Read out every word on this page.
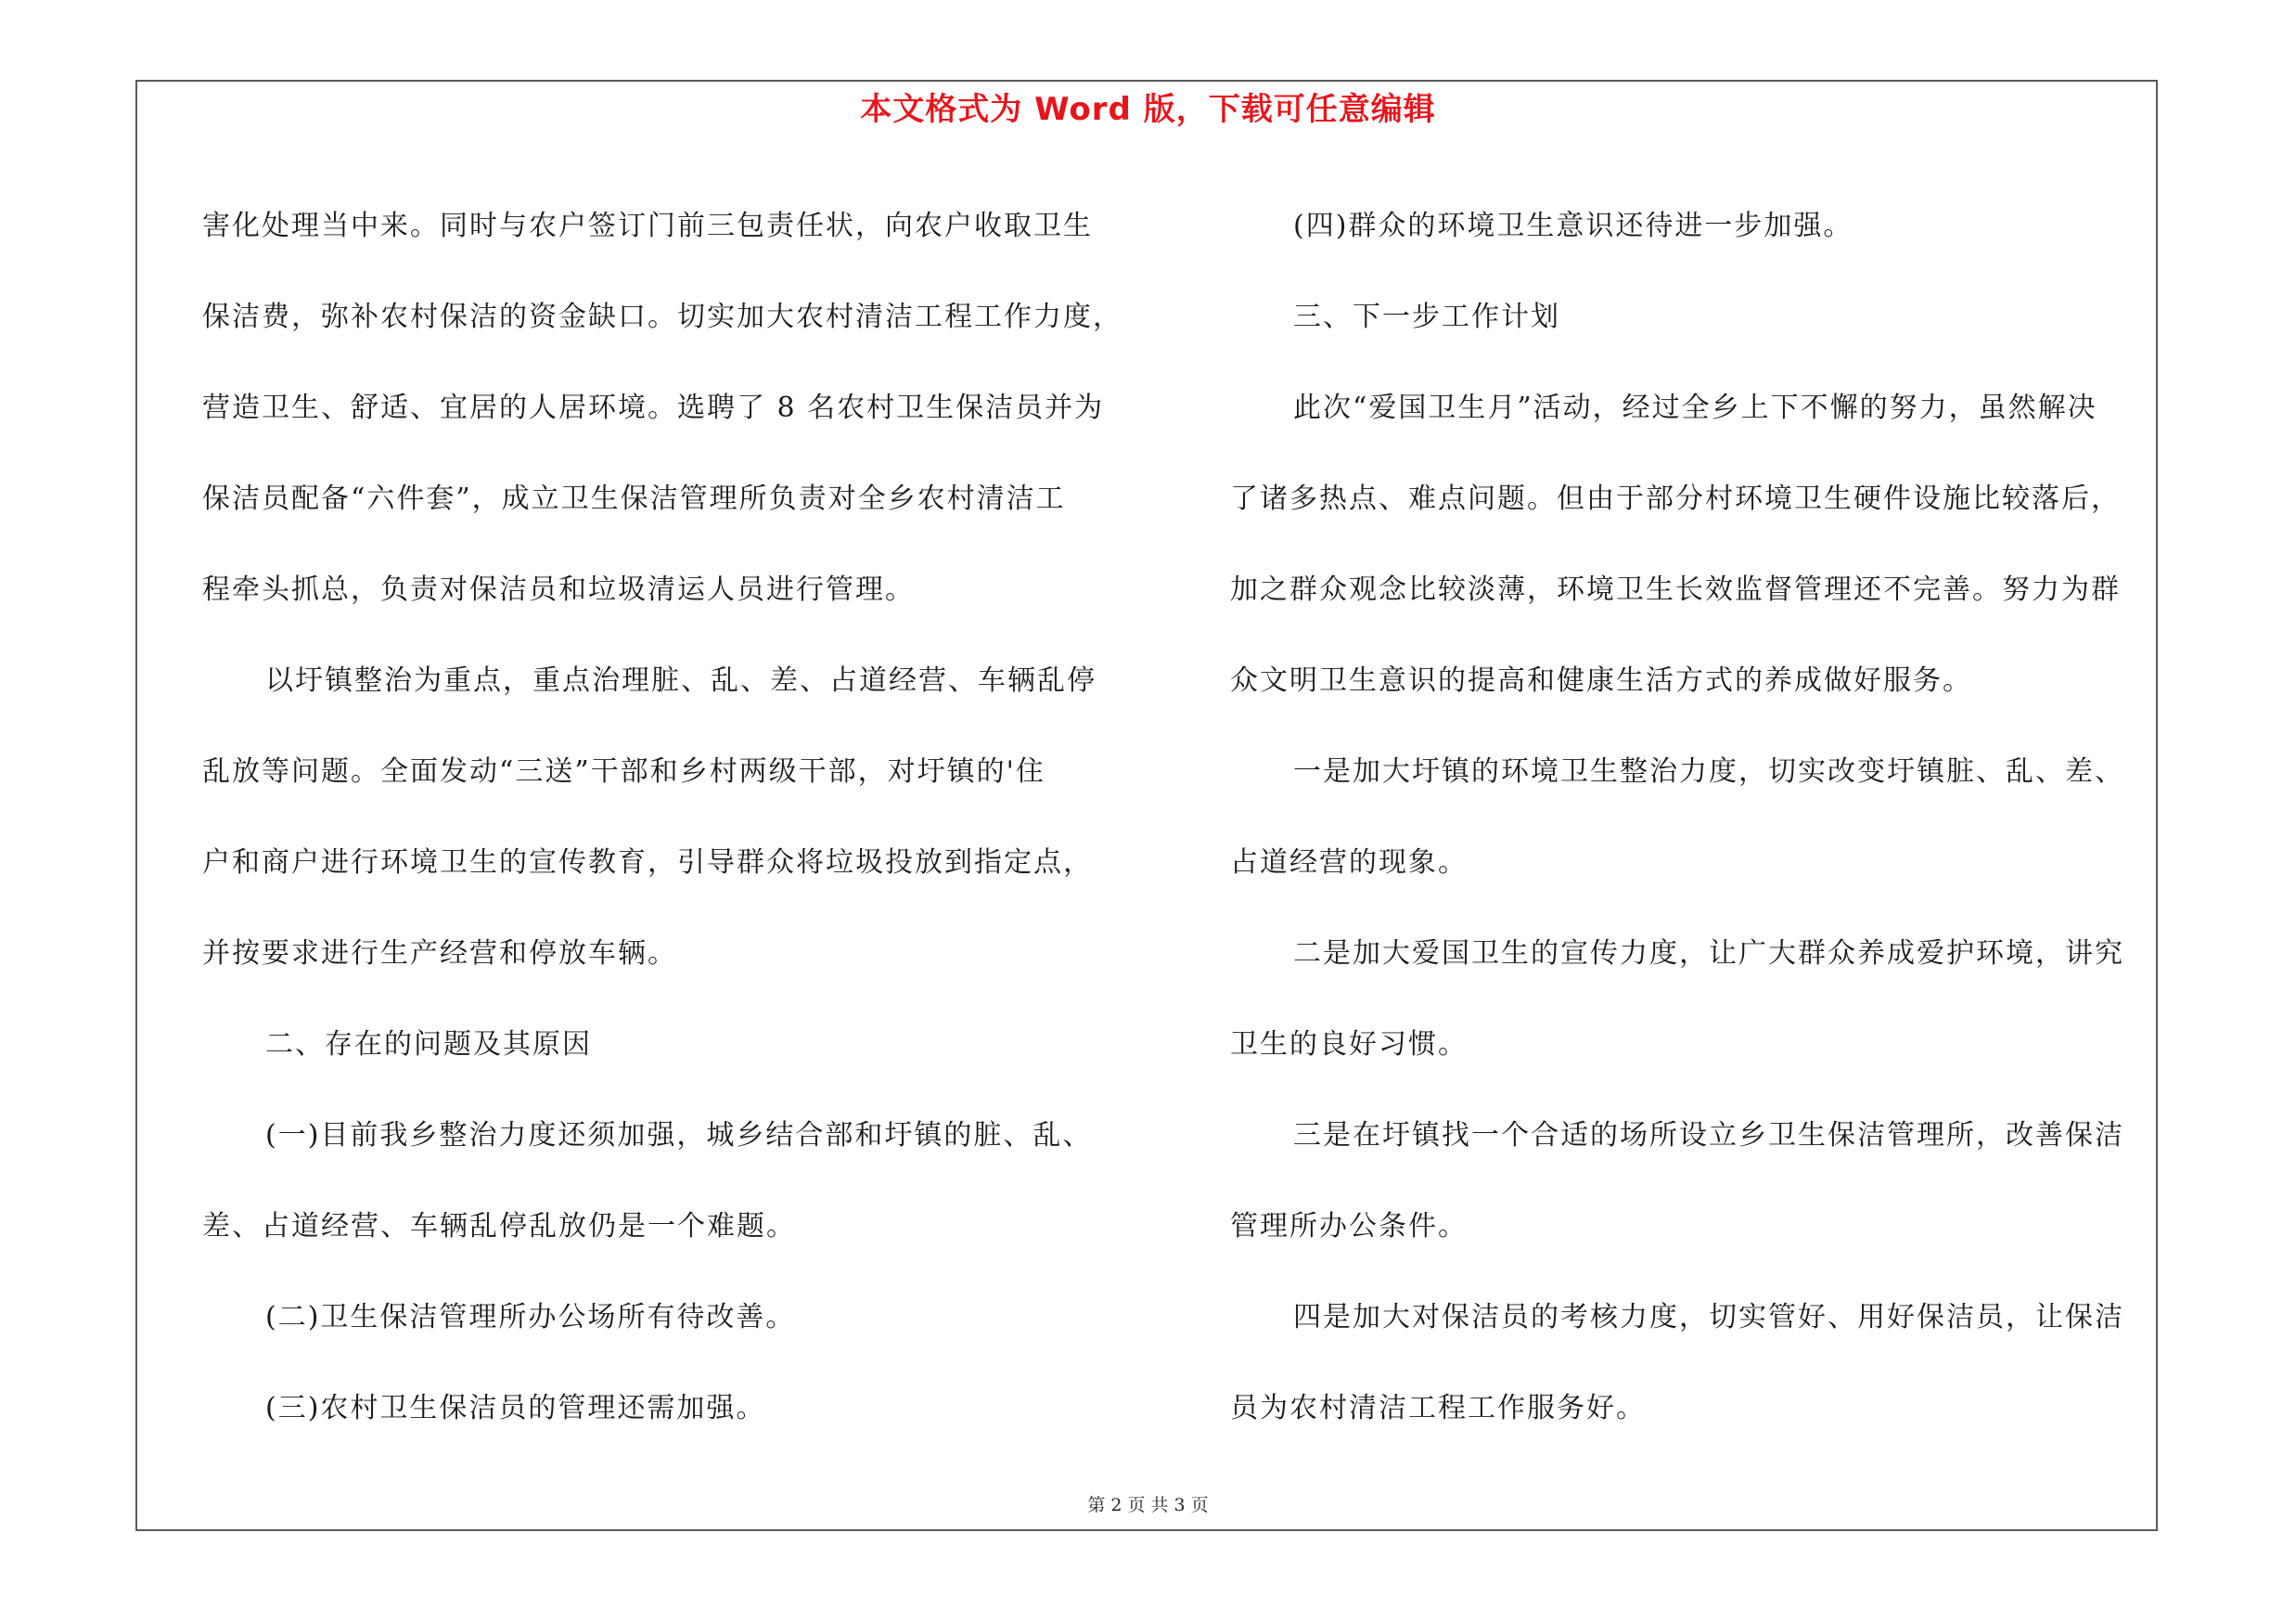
本文格式为 Word 版，下载可任意编辑

害化处理当中来。同时与农户签订门前三包责任状，向农户收取卫生

保洁费，弥补农村保洁的资金缺口。切实加大农村清洁工程工作力度，

营造卫生、舒适、宜居的人居环境。选聘了 8 名农村卫生保洁员并为

保洁员配备“六件套”，成立卫生保洁管理所负责对全乡农村清洁工

程牵头抓总，负责对保洁员和垃圾清运人员进行管理。

以圩镇整治为重点，重点治理脏、乱、差、占道经营、车辆乱停

乱放等问题。全面发动“三送”干部和乡村两级干部，对圩镇的'住

户和商户进行环境卫生的宣传教育，引导群众将垃圾投放到指定点，

并按要求进行生产经营和停放车辆。

二、存在的问题及其原因

(一)目前我乡整治力度还须加强，城乡结合部和圩镇的脏、乱、

差、占道经营、车辆乱停乱放仍是一个难题。

(二)卫生保洁管理所办公场所有待改善。

(三)农村卫生保洁员的管理还需加强。

(四)群众的环境卫生意识还待进一步加强。

三、下一步工作计划

此次“爱国卫生月”活动，经过全乡上下不懈的努力，虽然解决

了诸多热点、难点问题。但由于部分村环境卫生硬件设施比较落后，

加之群众观念比较淡薄，环境卫生长效监督管理还不完善。努力为群

众文明卫生意识的提高和健康生活方式的养成做好服务。

一是加大圩镇的环境卫生整治力度，切实改变圩镇脏、乱、差、

占道经营的现象。

二是加大爱国卫生的宣传力度，让广大群众养成爱护环境，讲究

卫生的良好习惯。

三是在圩镇找一个合适的场所设立乡卫生保洁管理所，改善保洁

管理所办公条件。

四是加大对保洁员的考核力度，切实管好、用好保洁员，让保洁

员为农村清洁工程工作服务好。

第 2 页 共 3 页
